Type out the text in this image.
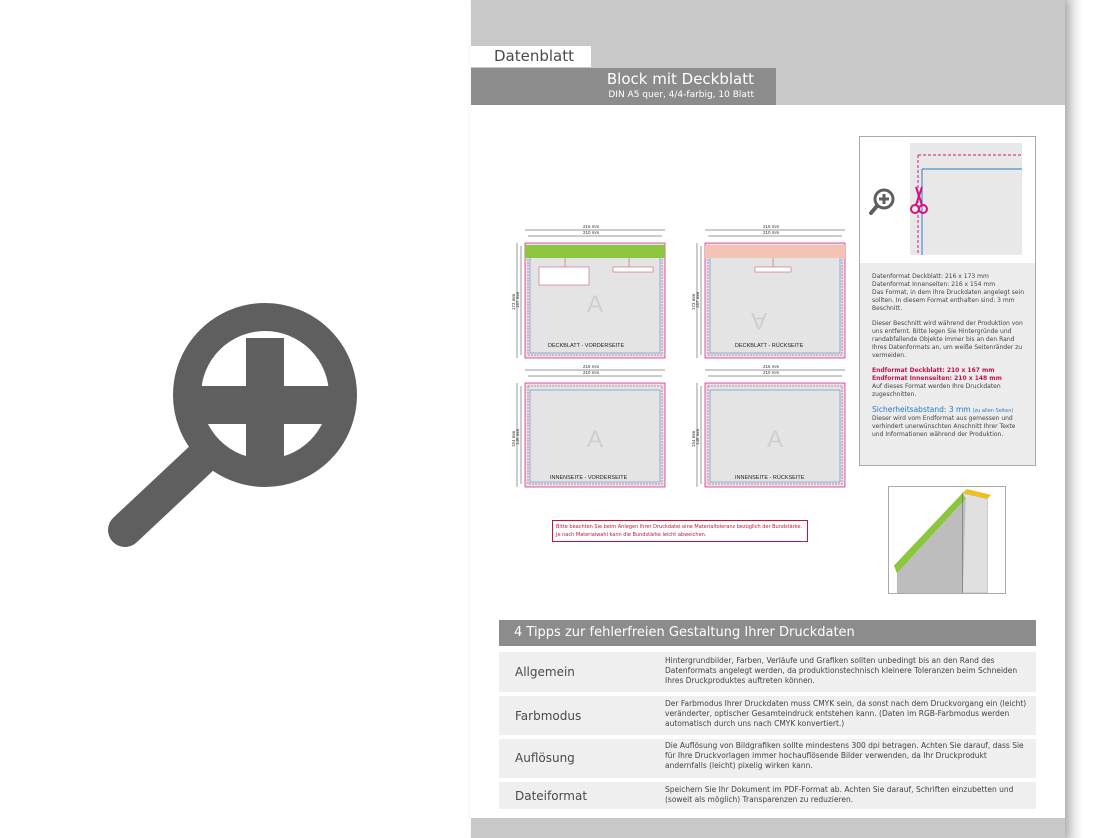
Datenblatt
Block mit Deckblatt
DIN A5 quer, 4/4-farbig, 10 Blatt
216 mm
210 mm
A
DECKBLATT - VORDERSEITE
173 mm 167 mm
216 mm
210 mm
A
DECKBLATT - RÜCKSEITE
173 mm 167 mm
216 mm
210 mm
A
INNENSEITE - VORDERSEITE
154 mm 148 mm
216 mm
210 mm
A
INNENSEITE - RÜCKSEITE
154 mm 148 mm
Bitte beachten Sie beim Anlegen Ihrer Druckdatei eine Materialtoleranz bezüglich der Bundstärke. Je nach Materialwahl kann die Bundstärke leicht abweichen.

Datenformat Deckblatt: 216 x 173 mm
Datenformat Innenseiten: 216 x 154 mm
Das Format, in dem Ihre Druckdaten angelegt sein sollten. In diesem Format enthalten sind: 3 mm Beschnitt.

Dieser Beschnitt wird während der Produktion von uns entfernt. Bitte legen Sie Hintergründe und randabfallende Objekte immer bis an den Rand Ihres Datenformats an, um weiße Seitenränder zu vermeiden.

Endformat Deckblatt: 210 x 167 mm
Endformat Innenseiten: 210 x 148 mm
Auf dieses Format werden Ihre Druckdaten zugeschnitten.

Sicherheitsabstand: 3 mm (zu allen Seiten)
Dieser wird vom Endformat aus gemessen und verhindert unerwünschten Anschnitt Ihrer Texte und Informationen während der Produktion.

4 Tipps zur fehlerfreien Gestaltung Ihrer Druckdaten
Allgemein
Hintergrundbilder, Farben, Verläufe und Grafiken sollten unbedingt bis an den Rand des Datenformats angelegt werden, da produktionstechnisch kleinere Toleranzen beim Schneiden Ihres Druckproduktes auftreten können.
Farbmodus
Der Farbmodus Ihrer Druckdaten muss CMYK sein, da sonst nach dem Druckvorgang ein (leicht) veränderter, optischer Gesamteindruck entstehen kann. (Daten im RGB-Farbmodus werden automatisch durch uns nach CMYK konvertiert.)
Auflösung
Die Auflösung von Bildgrafiken sollte mindestens 300 dpi betragen. Achten Sie darauf, dass Sie für Ihre Druckvorlagen immer hochauflösende Bilder verwenden, da Ihr Druckprodukt andernfalls (leicht) pixelig wirken kann.
Dateiformat	Speichern Sie Ihr Dokument im PDF-Format ab. Achten Sie darauf, Schriften einzubetten und (soweit als möglich) Transparenzen zu reduzieren.
